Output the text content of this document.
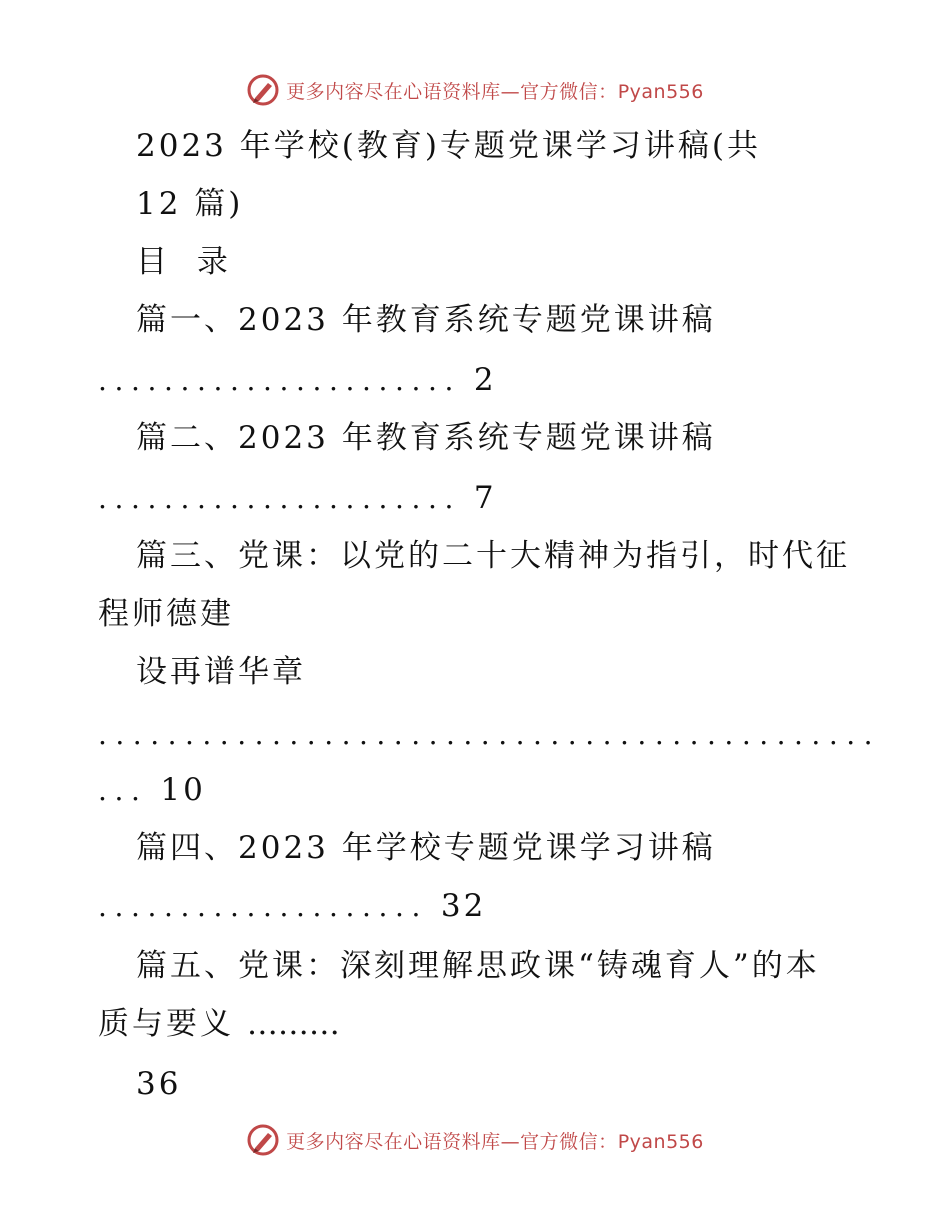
更多内容尽在心语资料库—官方微信：Pyan556
2023 年学校(教育)专题党课学习讲稿(共
12 篇)
目 录
篇一、2023 年教育系统专题党课讲稿
...................... 2
篇二、2023 年教育系统专题党课讲稿
...................... 7
篇三、党课：以党的二十大精神为指引，时代征
程师德建
设再谱华章
.............................................
... 10
篇四、2023 年学校专题党课学习讲稿
.................... 32
篇五、党课：深刻理解思政课“铸魂育人”的本
质与要义 ………
36
更多内容尽在心语资料库—官方微信：Pyan556
